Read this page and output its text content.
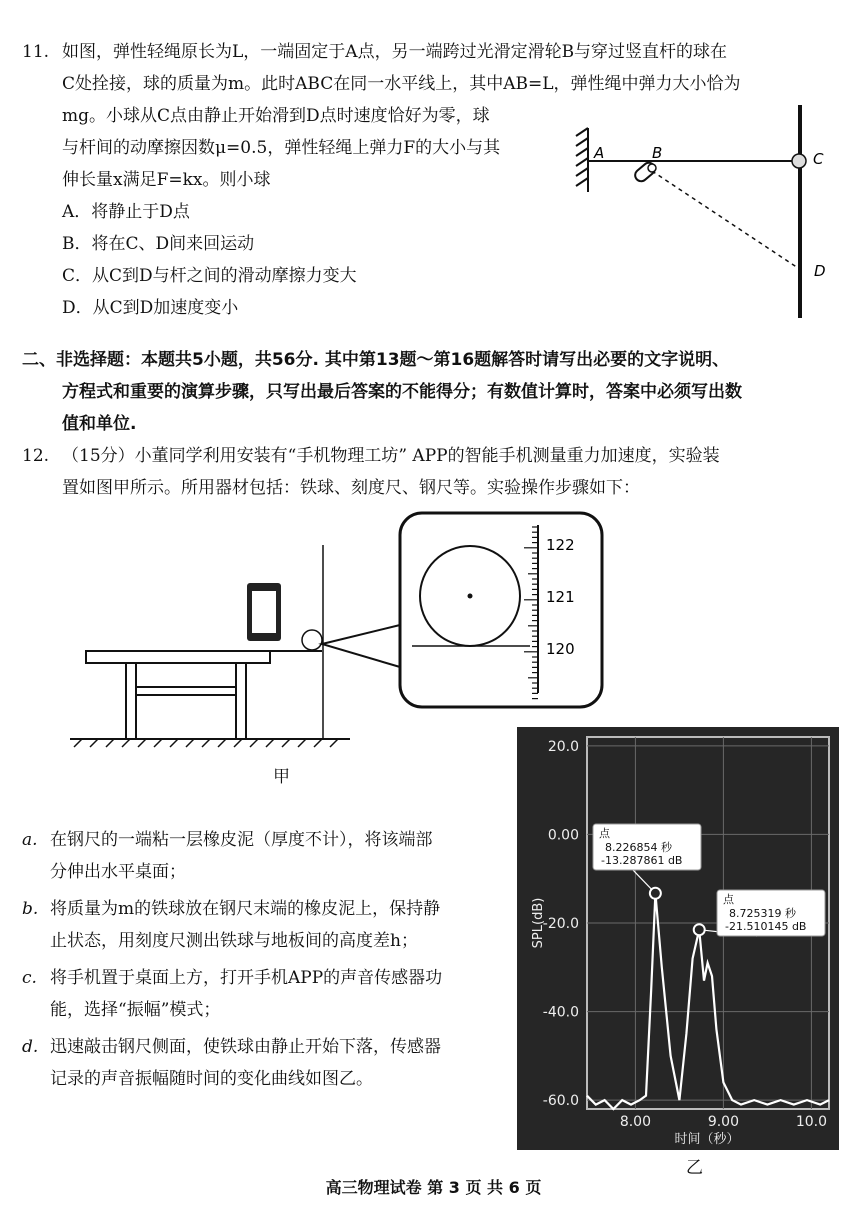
11. 如图，弹性轻绳原长为L，一端固定于A点，另一端跨过光滑定滑轮B与穿过竖直杆的球在
C处拴接，球的质量为m。此时ABC在同一水平线上，其中AB=L，弹性绳中弹力大小恰为
mg。小球从C点由静止开始滑到D点时速度恰好为零，球
与杆间的动摩擦因数μ=0.5，弹性轻绳上弹力F的大小与其
伸长量x满足F=kx。则小球
A．将静止于D点
B．将在C、D间来回运动
C．从C到D与杆之间的滑动摩擦力变大
D．从C到D加速度变小
A	B	C
D
二、非选择题：本题共5小题，共56分. 其中第13题～第16题解答时请写出必要的文字说明、
方程式和重要的演算步骤，只写出最后答案的不能得分；有数值计算时，答案中必须写出数
值和单位.
12. （15分）小董同学利用安装有“手机物理工坊” APP的智能手机测量重力加速度，实验装
置如图甲所示。所用器材包括：铁球、刻度尺、钢尺等。实验操作步骤如下：
122
121
120
甲
a. 在钢尺的一端粘一层橡皮泥（厚度不计），将该端部
分伸出水平桌面；
b. 将质量为m的铁球放在钢尺末端的橡皮泥上，保持静
止状态，用刻度尺测出铁球与地板间的高度差h；
c. 将手机置于桌面上方，打开手机APP的声音传感器功
能，选择“振幅”模式；
d. 迅速敲击钢尺侧面，使铁球由静止开始下落，传感器
记录的声音振幅随时间的变化曲线如图乙。
20.0
0.00
-20.0
-40.0
-60.0
8.00	9.00	10.0
点
8.226854 秒
-13.287861 dB
点
8.725319 秒
-21.510145 dB
SPL(dB)
时间（秒）
乙
高三物理试卷 第 3 页 共 6 页
